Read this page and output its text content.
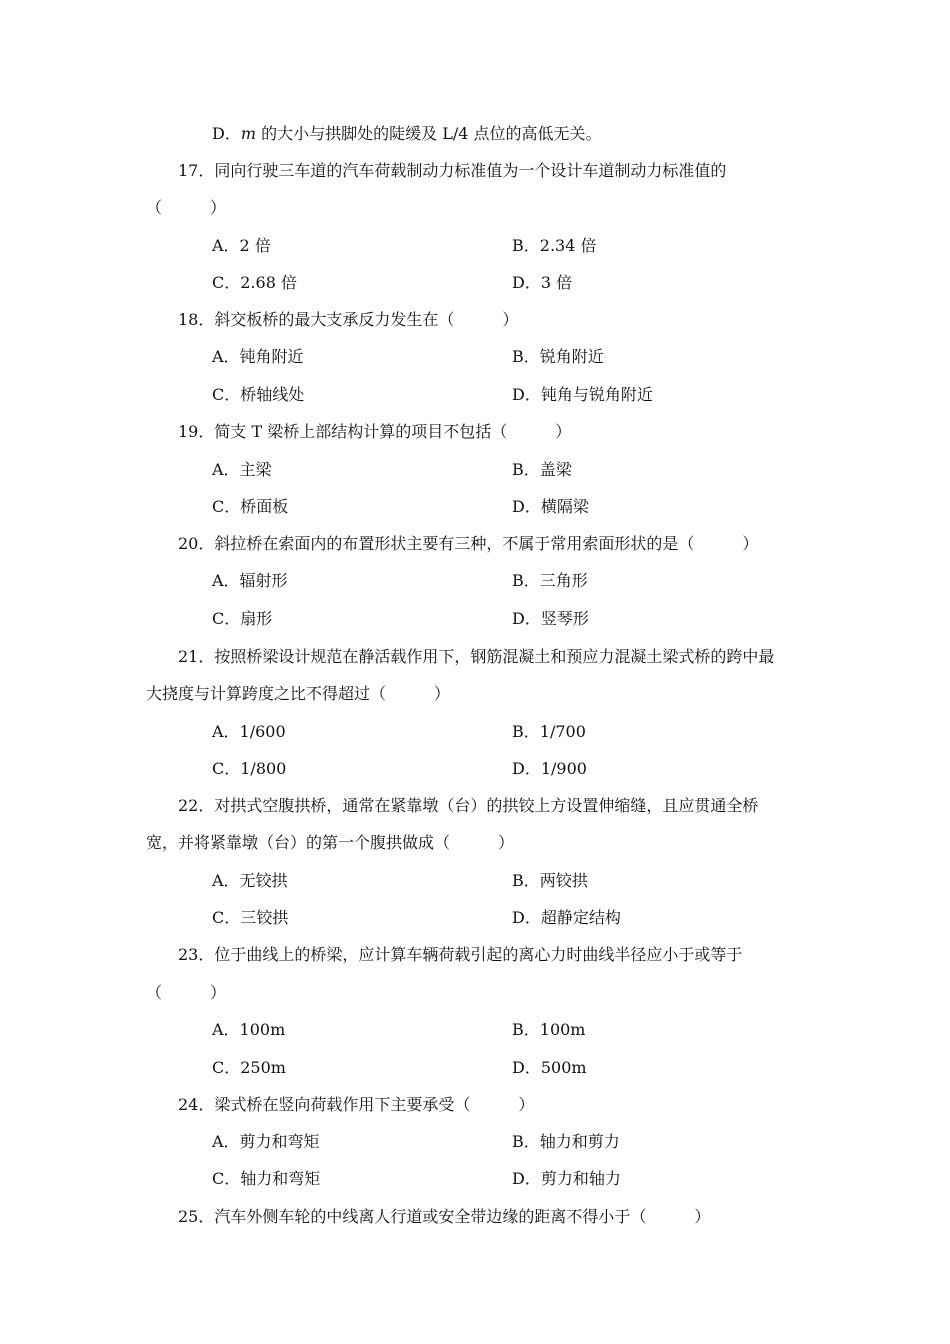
D．m 的大小与拱脚处的陡缓及 L/4 点位的高低无关。
17．同向行驶三车道的汽车荷载制动力标准值为一个设计车道制动力标准值的
（　　　）
A．2 倍	B．2.34 倍
C．2.68 倍	D．3 倍
18．斜交板桥的最大支承反力发生在（　　　）
A．钝角附近	B．锐角附近
C．桥轴线处	D．钝角与锐角附近
19．简支 T 梁桥上部结构计算的项目不包括（　　　）
A．主梁	B．盖梁
C．桥面板	D．横隔梁
20．斜拉桥在索面内的布置形状主要有三种，不属于常用索面形状的是（　　　）
A．辐射形	B．三角形
C．扇形	D．竖琴形
21．按照桥梁设计规范在静活载作用下，钢筋混凝土和预应力混凝土梁式桥的跨中最
大挠度与计算跨度之比不得超过（　　　）
A．1/600	B．1/700
C．1/800	D．1/900
22．对拱式空腹拱桥，通常在紧靠墩（台）的拱铰上方设置伸缩缝，且应贯通全桥
宽，并将紧靠墩（台）的第一个腹拱做成（　　　）
A．无铰拱	B．两铰拱
C．三铰拱	D．超静定结构
23．位于曲线上的桥梁，应计算车辆荷载引起的离心力时曲线半径应小于或等于
（　　　）
A．100m	B．100m
C．250m	D．500m
24．梁式桥在竖向荷载作用下主要承受（　　　）
A．剪力和弯矩	B．轴力和剪力
C．轴力和弯矩	D．剪力和轴力
25．汽车外侧车轮的中线离人行道或安全带边缘的距离不得小于（　　　）
